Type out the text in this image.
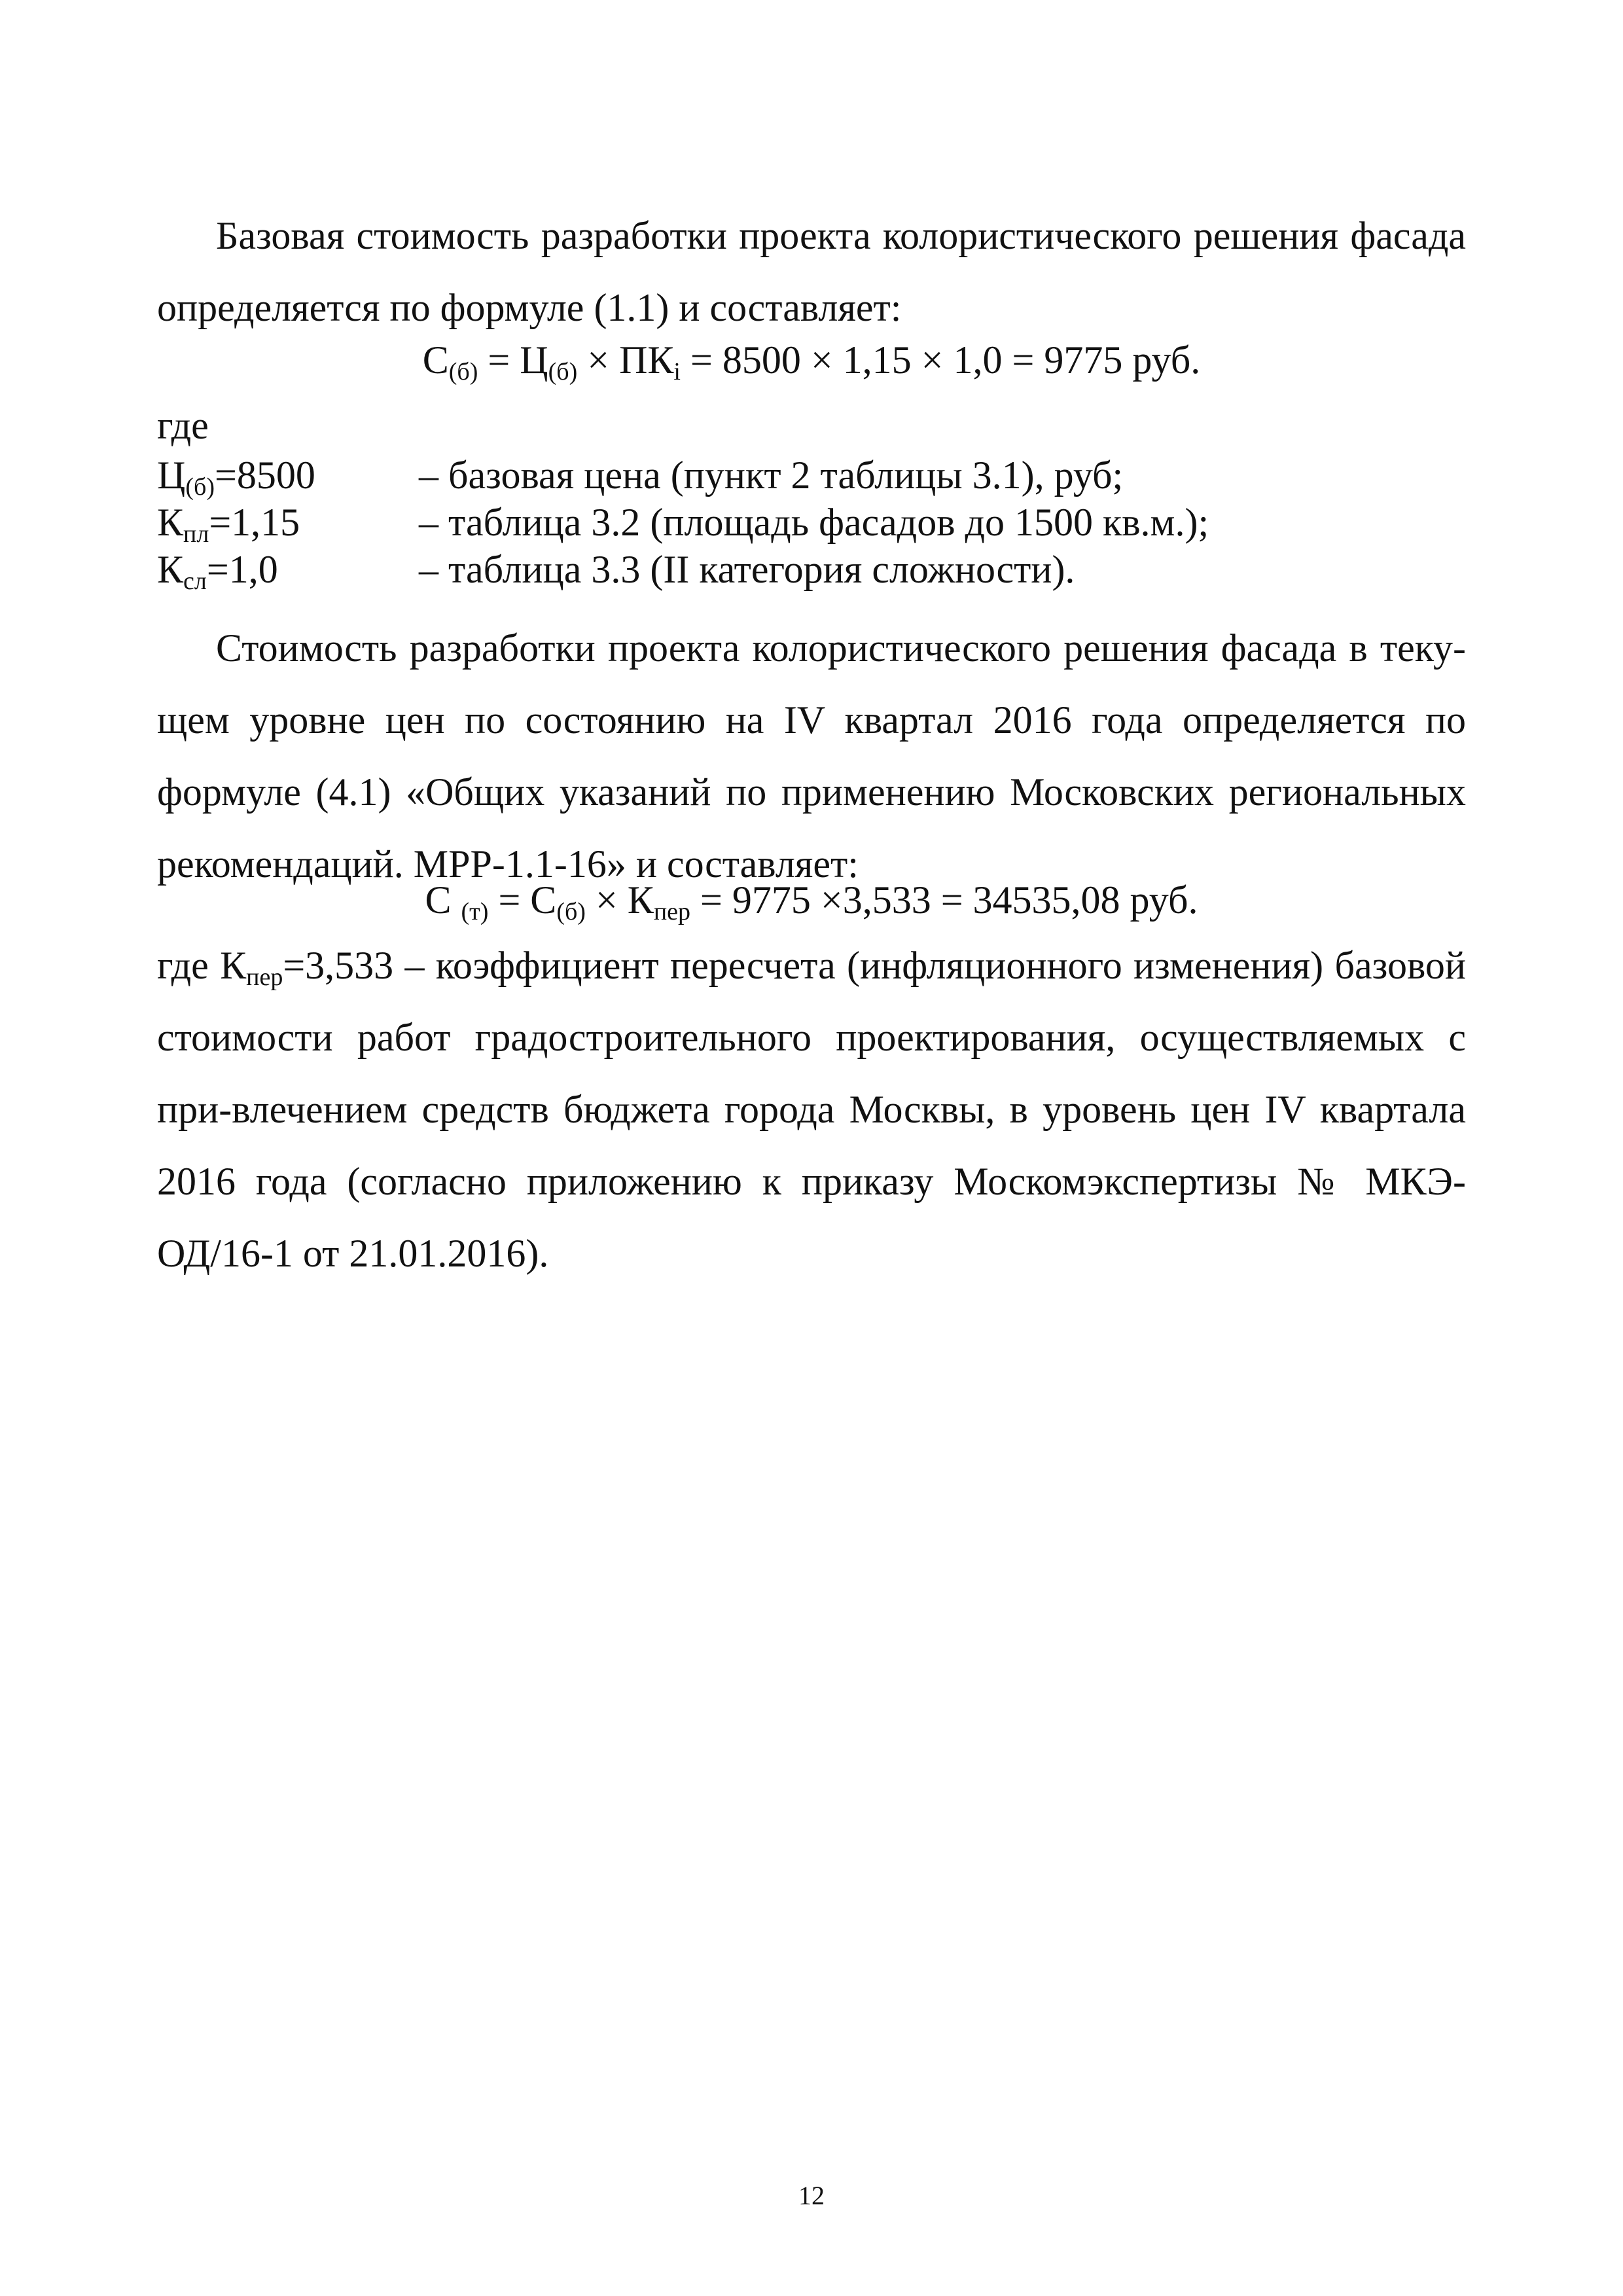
Базовая стоимость разработки проекта колористического решения фасада определяется по формуле (1.1) и составляет:
$С_{(б)} = Ц_{(б)} \times ПК_i = 8500 \times 1,15 \times 1,0 = 9775$ руб.
где
$Ц_{(б)}=8500$	– базовая цена (пункт 2 таблицы 3.1), руб;
$К_{пл}=1,15$	– таблица 3.2 (площадь фасадов до 1500 кв.м.);
$К_{сл}=1,0$	– таблица 3.3 (II категория сложности).
Стоимость разработки проекта колористического решения фасада в теку-щем уровне цен по состоянию на IV квартал 2016 года определяется по формуле (4.1) «Общих указаний по применению Московских региональных рекомендаций. МРР-1.1-16» и составляет:
С $_{(т)} = С_{(б)} \times К_{пер} = 9775 \times 3,533 = 34535,08$ руб.
где $К_{пер}=3,533$ – коэффициент пересчета (инфляционного изменения) базовой стоимости работ градостроительного проектирования, осуществляемых с при-влечением средств бюджета города Москвы, в уровень цен IV квартала 2016 года (согласно приложению к приказу Москомэкспертизы № МКЭ-ОД/16-1 от 21.01.2016).
12
